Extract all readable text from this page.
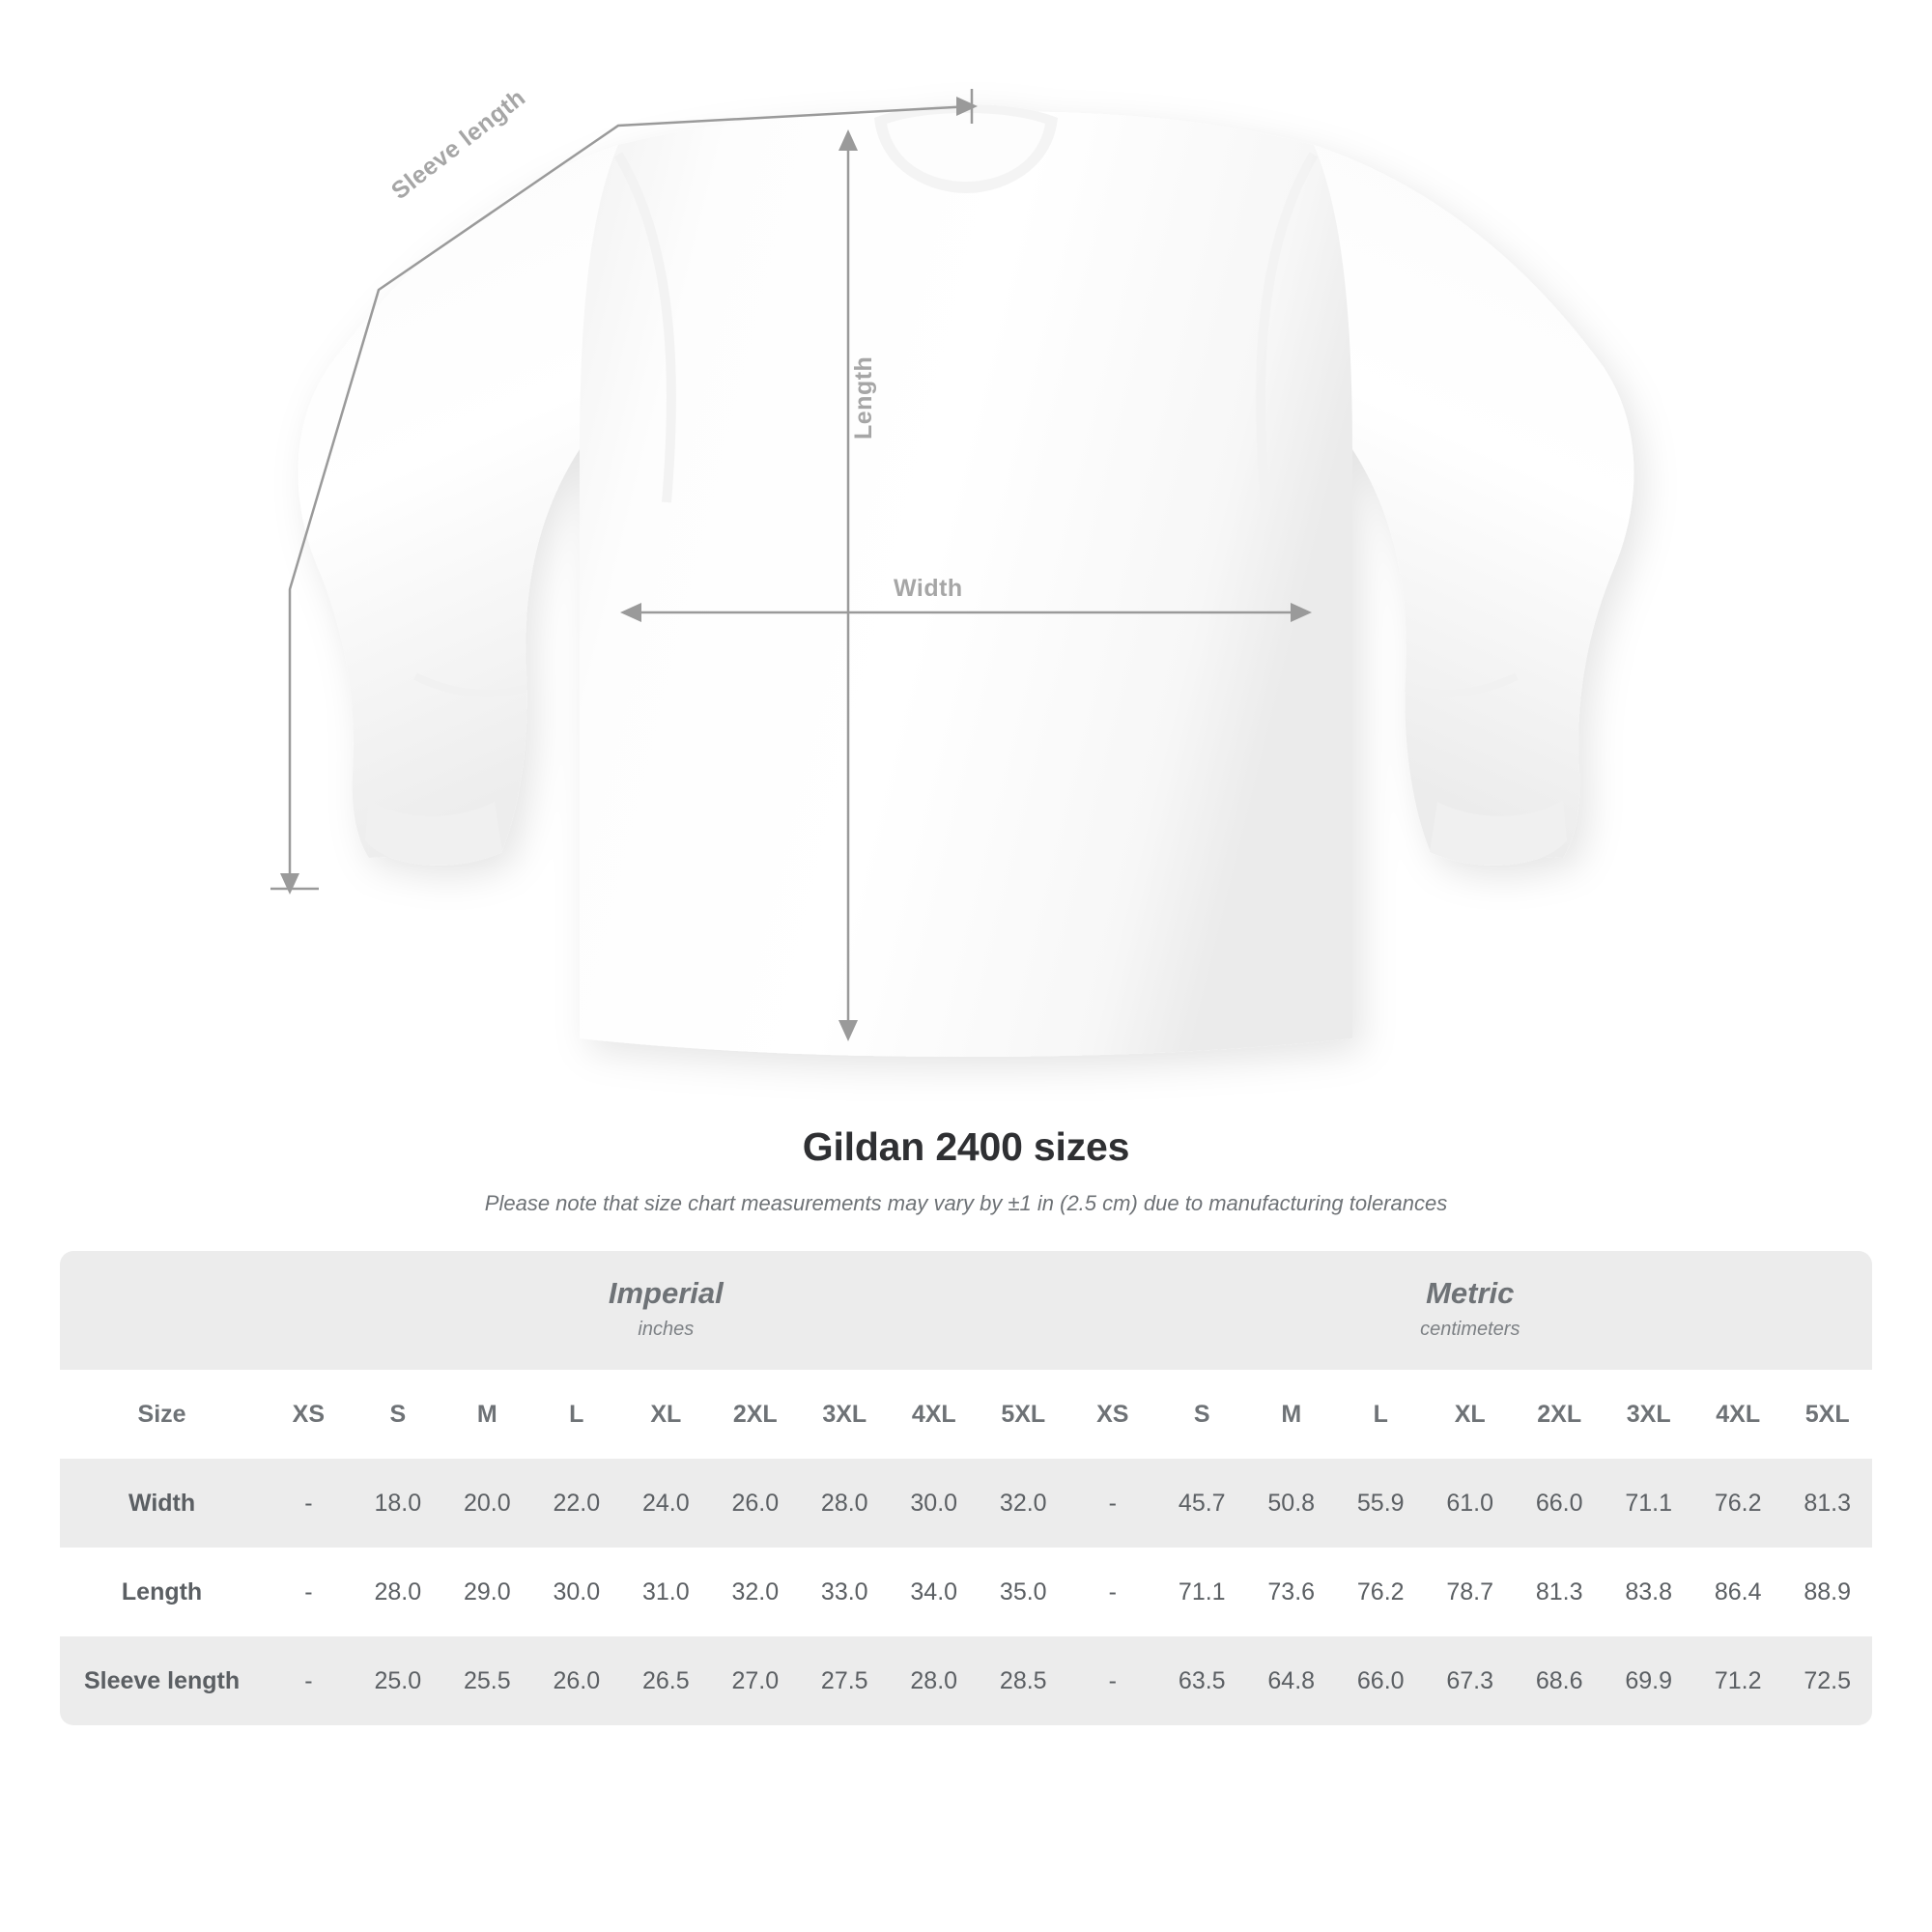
Width
Length
Sleeve length
Gildan 2400 sizes
Please note that size chart measurements may vary by ±1 in (2.5 cm) due to manufacturing tolerances

Imperial
inches

Metric
centimeters

Size	XS	S	M	L	XL	2XL	3XL	4XL	5XL	XS	S	M	L	XL	2XL	3XL	4XL	5XL
Width	-	18.0	20.0	22.0	24.0	26.0	28.0	30.0	32.0	-	45.7	50.8	55.9	61.0	66.0	71.1	76.2	81.3
Length	-	28.0	29.0	30.0	31.0	32.0	33.0	34.0	35.0	-	71.1	73.6	76.2	78.7	81.3	83.8	86.4	88.9
Sleeve length	-	25.0	25.5	26.0	26.5	27.0	27.5	28.0	28.5	-	63.5	64.8	66.0	67.3	68.6	69.9	71.2	72.5
